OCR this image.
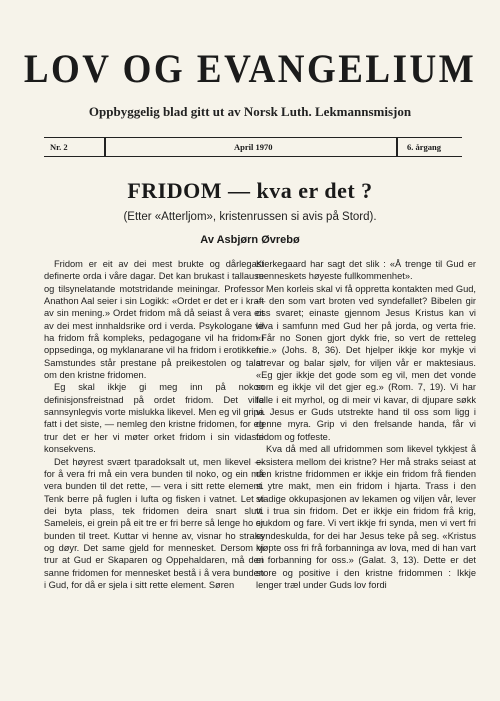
LOV OG EVANGELIUM
Oppbyggelig blad gitt ut av Norsk Luth. Lekmannsmisjon
Nr. 2	April 1970	6. årgang
FRIDOM — kva er det ?
(Etter «Atterljom», kristenrussen si avis på Stord).
Av Asbjørn Øvrebø

Fridom er eit av dei mest brukte og dårlegast definerte orda i våre dagar. Det kan brukast i tallause og tilsynelatande motstridande meiningar. Professor Anathon Aal seier i sin Logikk: «Ordet er det er i kraft av sin mening.» Ordet fridom må då seiast å vera eit av dei mest innhaldsrike ord i verda. Psykologane vil ha fridom frå kompleks, pedagogane vil ha fridom i oppsedinga, og myklanarane vil ha fridom i erotikken. Samstundes står prestane på preikestolen og talar om den kristne fridomen.

Eg skal ikkje gi meg inn på nokon definisjonsfreistnad på ordet fridom. Det ville sannsynlegvis vorte mislukka likevel. Men eg vil gripa fatt i det siste, — nemleg den kristne fridomen, for eg trur det er her vi møter orket fridom i sin vidaste konsekvens.

Det høyrest svært tparadoksalt ut, men likevel — for å vera fri må ein vera bunden til noko, og ein må vera bunden til det rette, — vera i sitt rette element. Tenk berre på fuglen i lufta og fisken i vatnet. Let vi dei byta plass, tek fridomen deira snart slutt. Sameleis, ei grein på eit tre er fri berre så lenge ho er bunden til treet. Kuttar vi henne av, visnar ho straks og døyr. Det same gjeld for mennesket. Dersom vi trur at Gud er Skaparen og Oppehaldaren, må den sanne fridomen for mennesket bestå i å vera bunden i Gud, for då er sjela i sitt rette element. Søren

Kierkegaard har sagt det slik : «Å trenge til Gud er menneskets høyeste fullkommenhet».

Men korleis skal vi få oppretta kontakten med Gud, — den som vart broten ved syndefallet? Bibelen gir oss svaret; einaste gjennom Jesus Kristus kan vi leva i samfunn med Gud her på jorda, og verta frie. «Får no Sonen gjort dykk frie, so vert de retteleg frie.» (Johs. 8, 36). Det hjelper ikkje kor mykje vi strevar og balar sjølv, for viljen vår er maktesiaus. «Eg gjer ikkje det gode som eg vil, men det vonde som eg ikkje vil det gjer eg.» (Rom. 7, 19). Vi har falle i eit myrhol, og di meir vi kavar, di djupare søkk vi. Jesus er Guds utstrekte hand til oss som ligg i denne myra. Grip vi den frelsande handa, får vi fridom og fotfeste.

Kva då med all ufridommen som likevel tykkjest å eksistera mellom dei kristne? Her må straks seiast at den kristne fridommen er ikkje ein fridom frå fienden si ytre makt, men ein fridom i hjarta. Trass i den stadige okkupasjonen av lekamen og viljen vår, lever vi i trua sin fridom. Det er ikkje ein fridom frå krig, sjukdom og fare. Vi vert ikkje fri synda, men vi vert fri syndeskulda, for dei har Jesus teke på seg. «Kristus kjøpte oss fri frå forbanninga av lova, med di han vart ei forbanning for oss.» (Galat. 3, 13). Dette er det store og positive i den kristne fridommen : Ikkje lenger træl under Guds lov fordi
